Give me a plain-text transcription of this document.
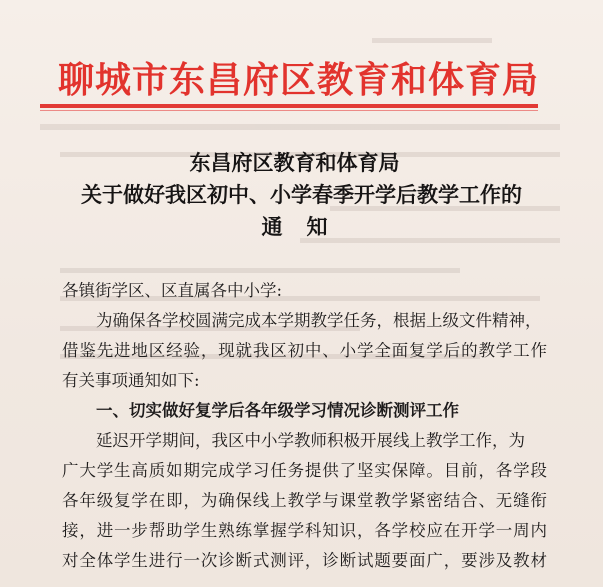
聊城市东昌府区教育和体育局
东昌府区教育和体育局
关于做好我区初中、小学春季开学后教学工作的
通知
各镇街学区、区直属各中小学:
为确保各学校圆满完成本学期教学任务，根据上级文件精神，
借鉴先进地区经验，现就我区初中、小学全面复学后的教学工作
有关事项通知如下:
一、切实做好复学后各年级学习情况诊断测评工作
延迟开学期间，我区中小学教师积极开展线上教学工作，为
广大学生高质如期完成学习任务提供了坚实保障。目前，各学段
各年级复学在即，为确保线上教学与课堂教学紧密结合、无缝衔
接，进一步帮助学生熟练掌握学科知识，各学校应在开学一周内
对全体学生进行一次诊断式测评，诊断试题要面广，要涉及教材
